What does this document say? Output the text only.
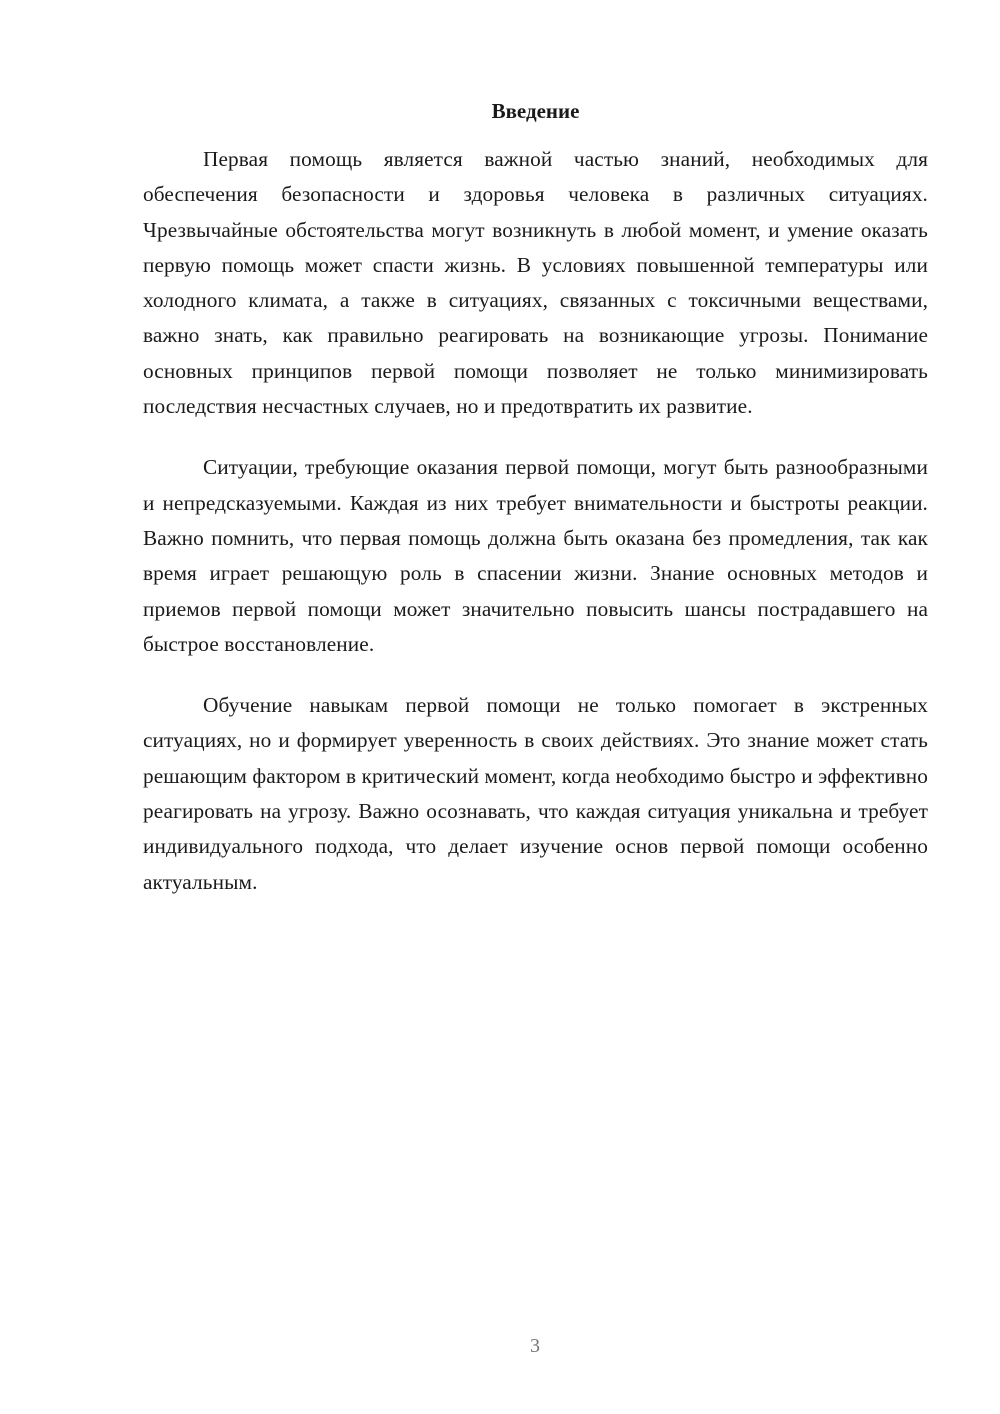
Введение

Первая помощь является важной частью знаний, необходимых для обеспечения безопасности и здоровья человека в различных ситуациях. Чрезвычайные обстоятельства могут возникнуть в любой момент, и умение оказать первую помощь может спасти жизнь. В условиях повышенной температуры или холодного климата, а также в ситуациях, связанных с токсичными веществами, важно знать, как правильно реагировать на возникающие угрозы. Понимание основных принципов первой помощи позволяет не только минимизировать последствия несчастных случаев, но и предотвратить их развитие.

Ситуации, требующие оказания первой помощи, могут быть разнообразными и непредсказуемыми. Каждая из них требует внимательности и быстроты реакции. Важно помнить, что первая помощь должна быть оказана без промедления, так как время играет решающую роль в спасении жизни. Знание основных методов и приемов первой помощи может значительно повысить шансы пострадавшего на быстрое восстановление.

Обучение навыкам первой помощи не только помогает в экстренных ситуациях, но и формирует уверенность в своих действиях. Это знание может стать решающим фактором в критический момент, когда необходимо быстро и эффективно реагировать на угрозу. Важно осознавать, что каждая ситуация уникальна и требует индивидуального подхода, что делает изучение основ первой помощи особенно актуальным.

3
